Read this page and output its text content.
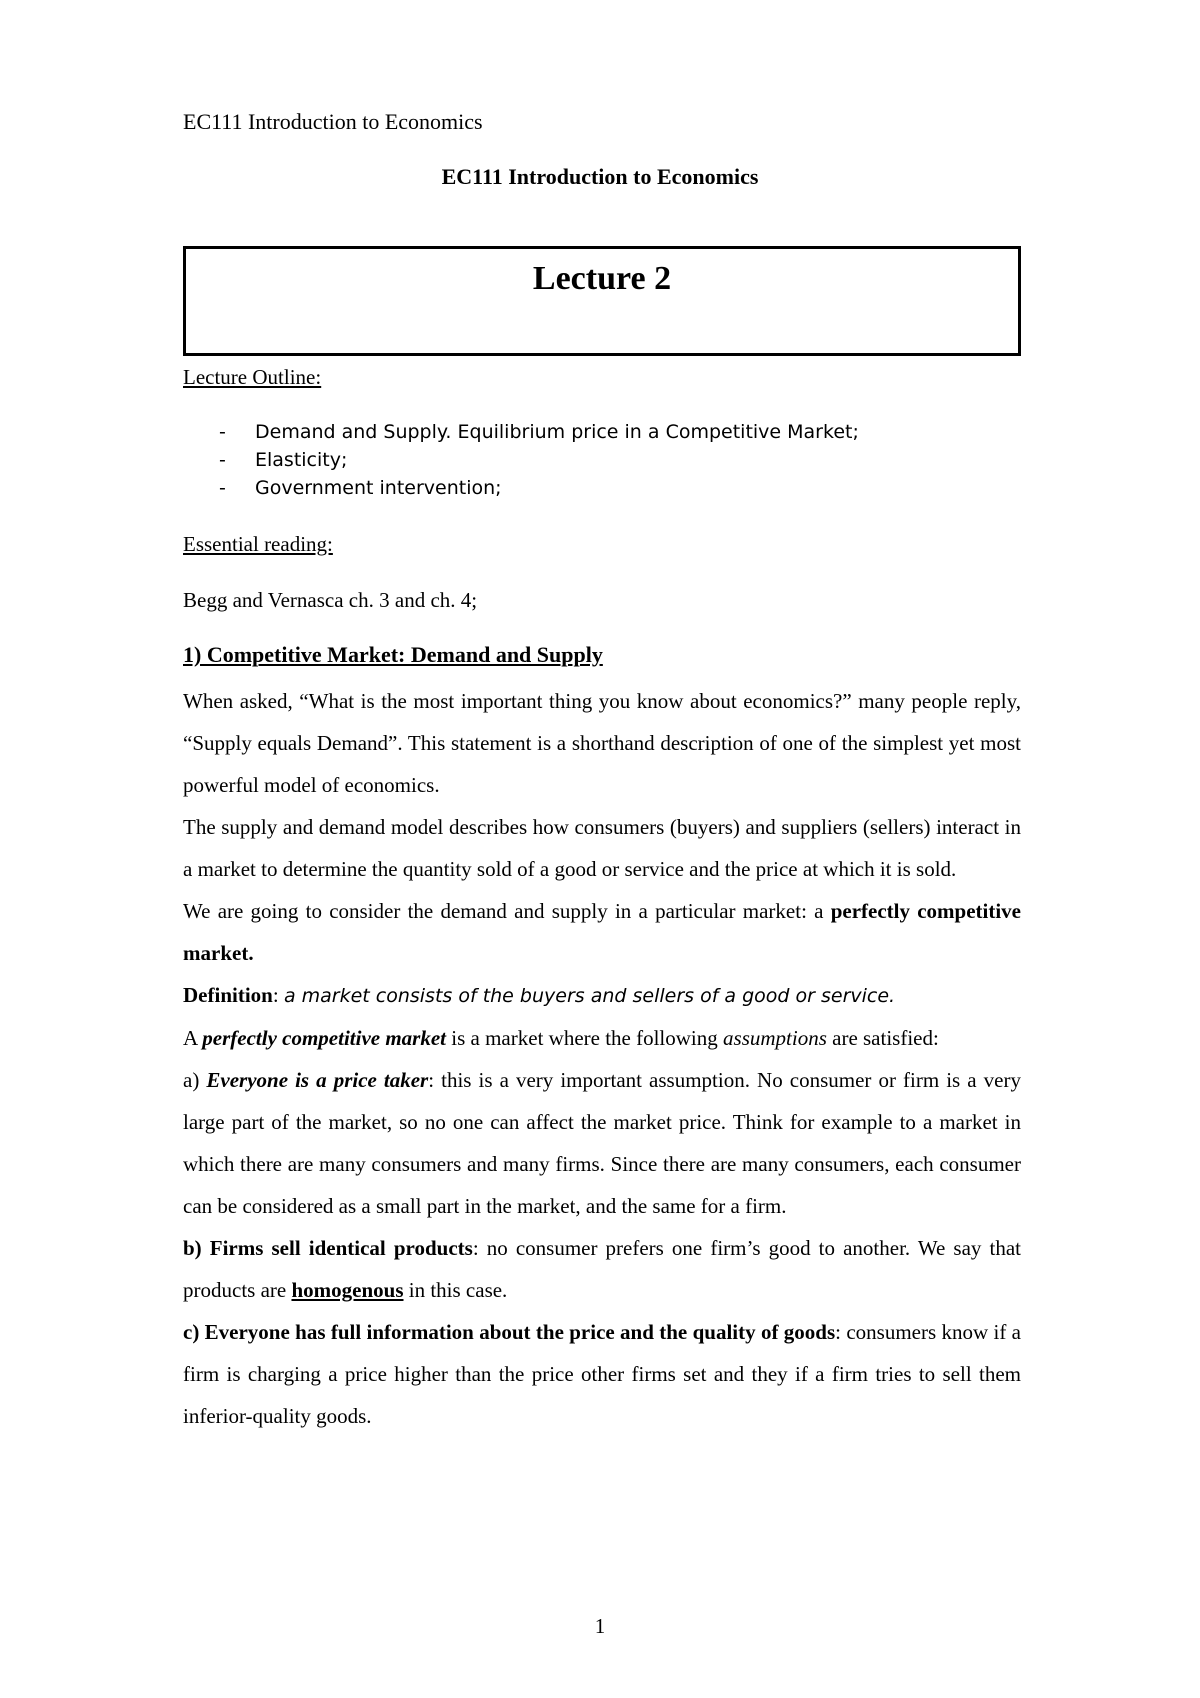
EC111 Introduction to Economics
EC111 Introduction to Economics
Lecture 2
Lecture Outline:
- Demand and Supply. Equilibrium price in a Competitive Market;
- Elasticity;
- Government intervention;
Essential reading:
Begg and Vernasca ch. 3 and ch. 4;
1) Competitive Market: Demand and Supply

When asked, “What is the most important thing you know about economics?” many people reply, “Supply equals Demand”. This statement is a shorthand description of one of the simplest yet most powerful model of economics.

The supply and demand model describes how consumers (buyers) and suppliers (sellers) interact in a market to determine the quantity sold of a good or service and the price at which it is sold.

We are going to consider the demand and supply in a particular market: a perfectly competitive market.

Definition: a market consists of the buyers and sellers of a good or service.

A perfectly competitive market is a market where the following assumptions are satisfied:

a) Everyone is a price taker: this is a very important assumption. No consumer or firm is a very large part of the market, so no one can affect the market price. Think for example to a market in which there are many consumers and many firms. Since there are many consumers, each consumer can be considered as a small part in the market, and the same for a firm.

b) Firms sell identical products: no consumer prefers one firm’s good to another. We say that products are homogenous in this case.

c) Everyone has full information about the price and the quality of goods: consumers know if a firm is charging a price higher than the price other firms set and they if a firm tries to sell them inferior-quality goods.

1
